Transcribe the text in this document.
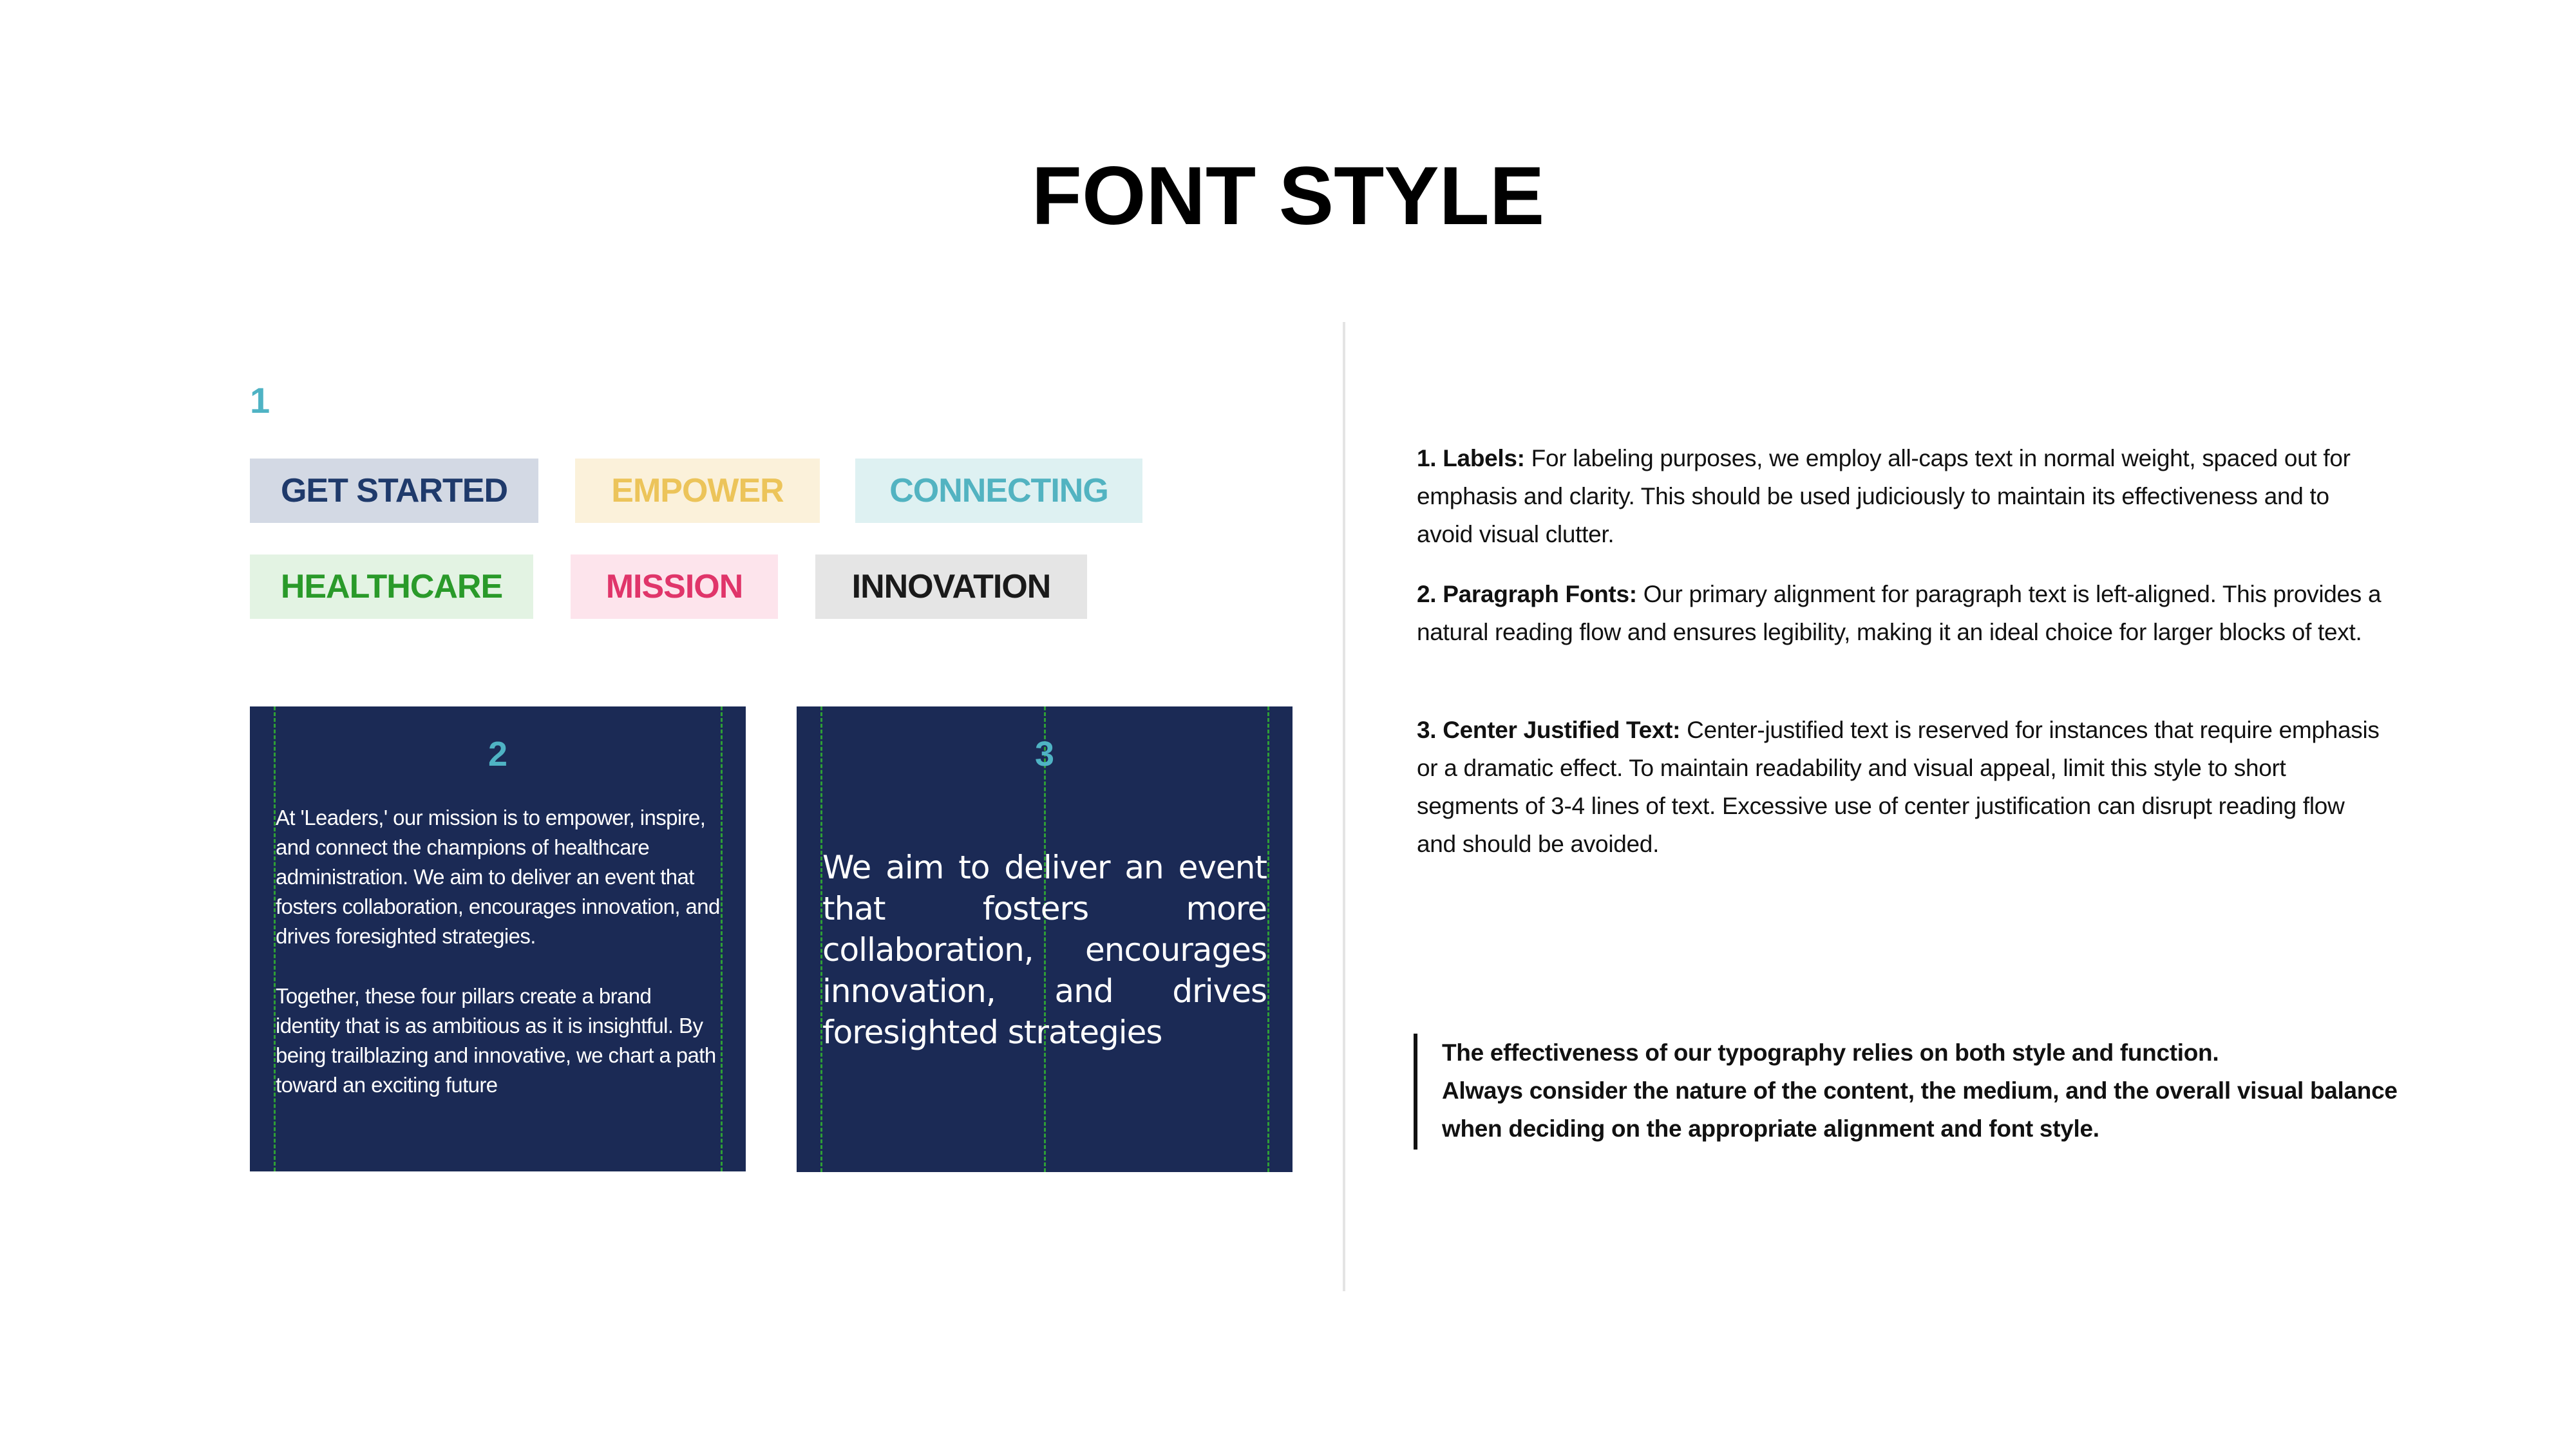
FONT STYLE
1
GET STARTED	EMPOWER	CONNECTING
HEALTHCARE	MISSION	INNOVATION
2

At 'Leaders,' our mission is to empower, inspire, and connect the champions of healthcare administration. We aim to deliver an event that fosters collaboration, encourages innovation, and drives foresighted strategies.

Together, these four pillars create a brand identity that is as ambitious as it is insightful. By being trailblazing and innovative, we chart a path toward an exciting future

3

We aim to deliver an event that fosters more collaboration, encourages innovation, and drives foresighted strategies

1. Labels: For labeling purposes, we employ all-caps text in normal weight, spaced out for emphasis and clarity. This should be used judiciously to maintain its effectiveness and to avoid visual clutter.

2. Paragraph Fonts: Our primary alignment for paragraph text is left-aligned. This provides a natural reading flow and ensures legibility, making it an ideal choice for larger blocks of text.

3. Center Justified Text: Center-justified text is reserved for instances that require emphasis or a dramatic effect. To maintain readability and visual appeal, limit this style to short segments of 3-4 lines of text. Excessive use of center justification can disrupt reading flow and should be avoided.

The effectiveness of our typography relies on both style and function.

Always consider the nature of the content, the medium, and the overall visual balance when deciding on the appropriate alignment and font style.
